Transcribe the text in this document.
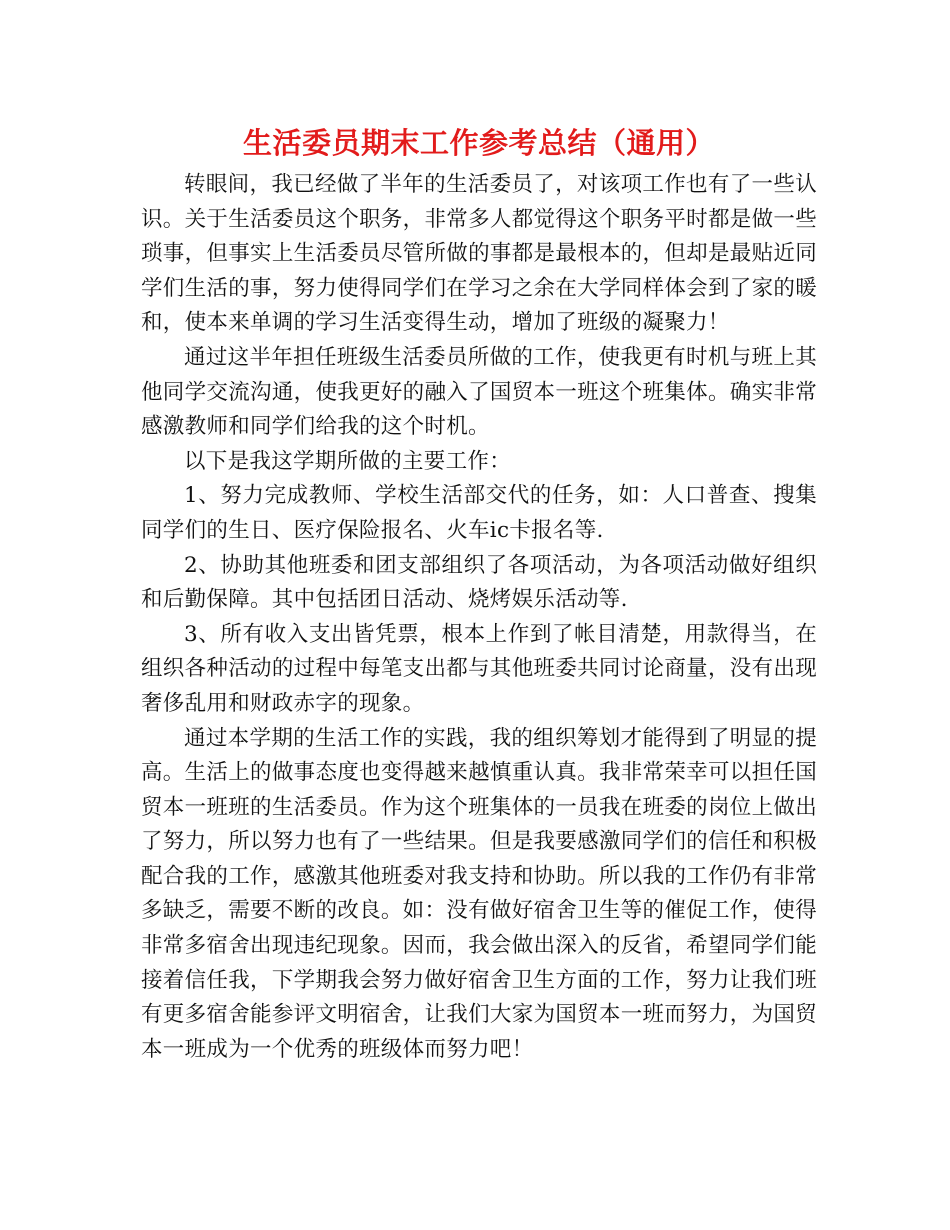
生活委员期末工作参考总结（通用）

转眼间，我已经做了半年的生活委员了，对该项工作也有了一些认识。关于生活委员这个职务，非常多人都觉得这个职务平时都是做一些琐事，但事实上生活委员尽管所做的事都是最根本的，但却是最贴近同学们生活的事，努力使得同学们在学习之余在大学同样体会到了家的暖和，使本来单调的学习生活变得生动，增加了班级的凝聚力！

通过这半年担任班级生活委员所做的工作，使我更有时机与班上其他同学交流沟通，使我更好的融入了国贸本一班这个班集体。确实非常感激教师和同学们给我的这个时机。

以下是我这学期所做的主要工作：

1、努力完成教师、学校生活部交代的任务，如：人口普查、搜集同学们的生日、医疗保险报名、火车ic卡报名等.

2、协助其他班委和团支部组织了各项活动，为各项活动做好组织和后勤保障。其中包括团日活动、烧烤娱乐活动等.

3、所有收入支出皆凭票，根本上作到了帐目清楚，用款得当，在组织各种活动的过程中每笔支出都与其他班委共同讨论商量，没有出现奢侈乱用和财政赤字的现象。

通过本学期的生活工作的实践，我的组织筹划才能得到了明显的提高。生活上的做事态度也变得越来越慎重认真。我非常荣幸可以担任国贸本一班班的生活委员。作为这个班集体的一员我在班委的岗位上做出了努力，所以努力也有了一些结果。但是我要感激同学们的信任和积极配合我的工作，感激其他班委对我支持和协助。所以我的工作仍有非常多缺乏，需要不断的改良。如：没有做好宿舍卫生等的催促工作，使得非常多宿舍出现违纪现象。因而，我会做出深入的反省，希望同学们能接着信任我，下学期我会努力做好宿舍卫生方面的工作，努力让我们班有更多宿舍能参评文明宿舍，让我们大家为国贸本一班而努力，为国贸本一班成为一个优秀的班级体而努力吧！
